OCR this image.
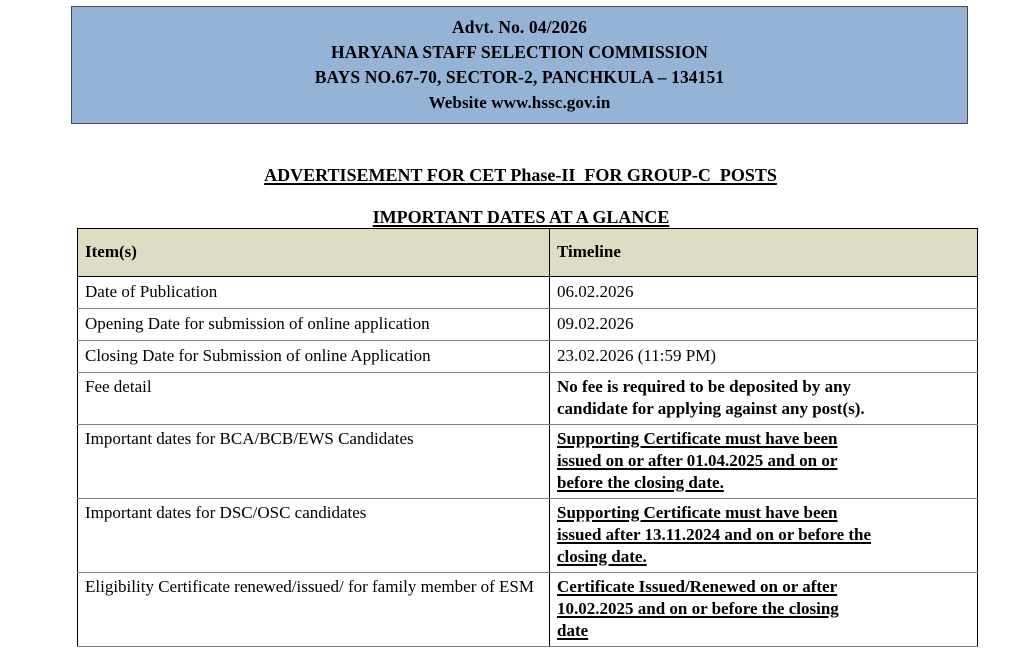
Advt. No. 04/2026
HARYANA STAFF SELECTION COMMISSION
BAYS NO.67-70, SECTOR-2, PANCHKULA – 134151
Website www.hssc.gov.in

ADVERTISEMENT FOR CET Phase-II  FOR GROUP-C  POSTS

IMPORTANT DATES AT A GLANCE

Item(s)	Timeline
Date of Publication	06.02.2026
Opening Date for submission of online application	09.02.2026
Closing Date for Submission of online Application	23.02.2026 (11:59 PM)
Fee detail	No fee is required to be deposited by any
candidate for applying against any post(s).

Important dates for BCA/BCB/EWS Candidates	Supporting Certificate must have been
issued on or after 01.04.2025 and on or
before the closing date.

Important dates for DSC/OSC candidates	Supporting Certificate must have been
issued after 13.11.2024 and on or before the
closing date.

Eligibility Certificate renewed/issued/ for family member of ESM	Certificate Issued/Renewed on or after
10.02.2025 and on or before the closing
date
